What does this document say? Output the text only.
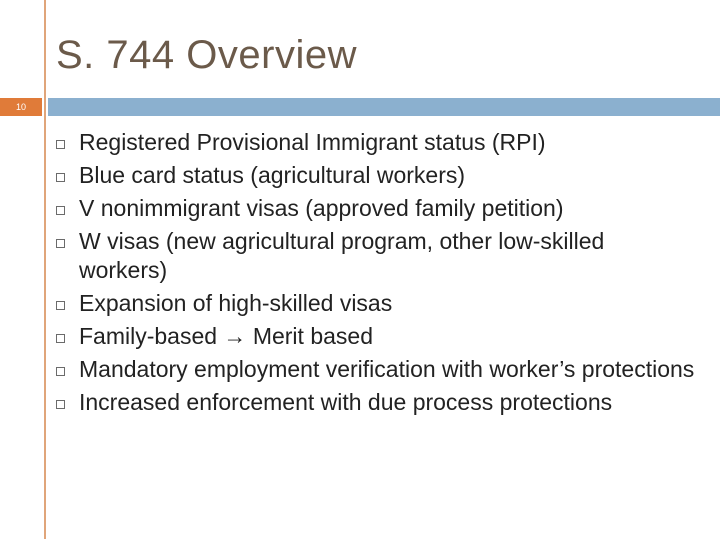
S. 744 Overview
10
Registered Provisional Immigrant status (RPI)
Blue card status (agricultural workers)
V nonimmigrant visas (approved family petition)
W visas (new agricultural program, other low-skilled workers)
Expansion of high-skilled visas
Family-based → Merit based
Mandatory employment verification with worker’s protections
Increased enforcement with due process protections
